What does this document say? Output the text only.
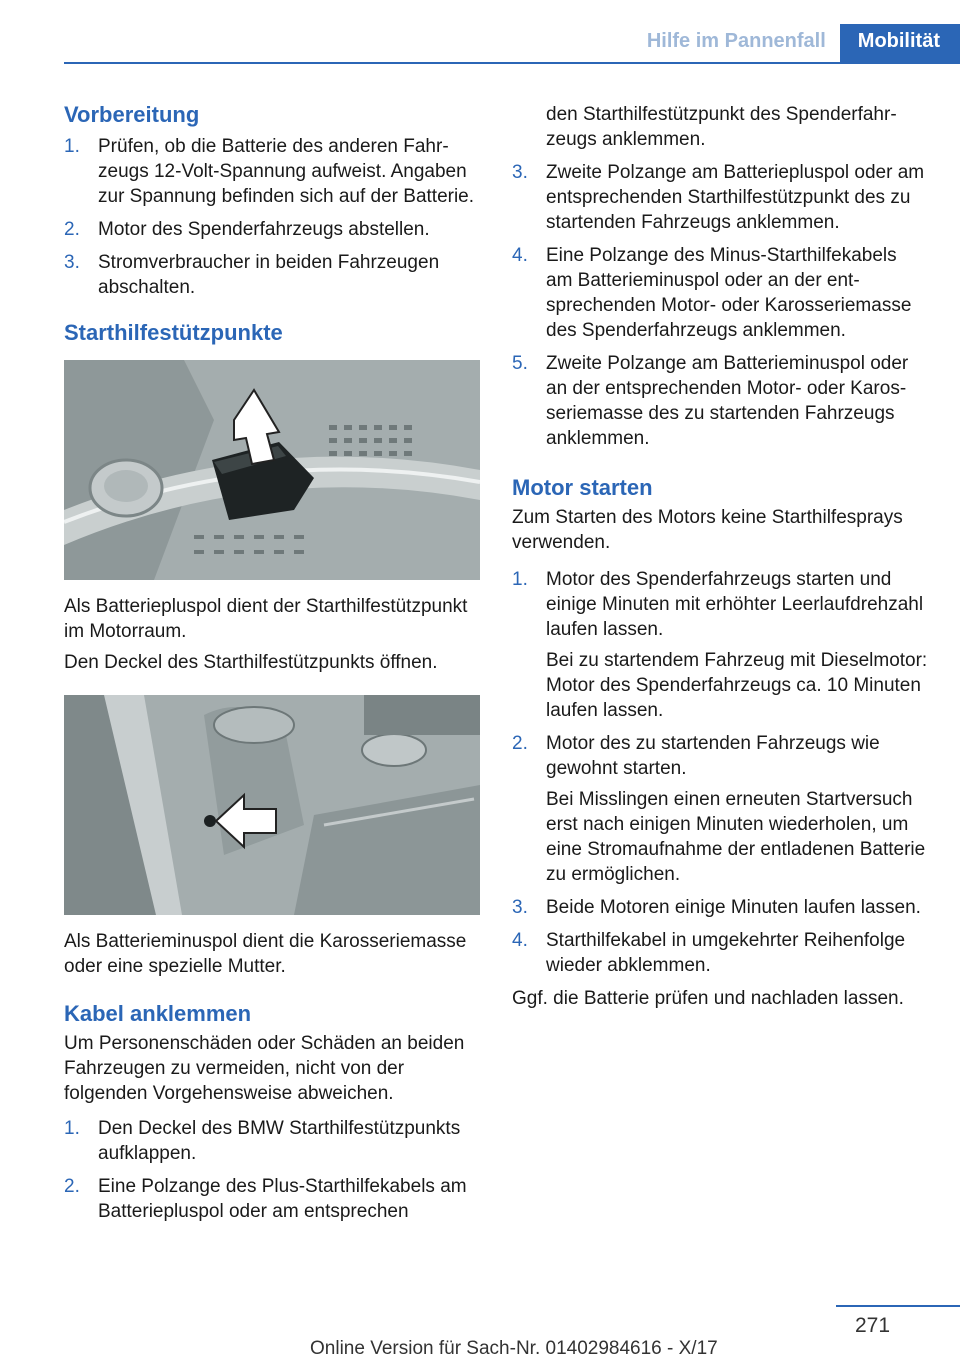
Hilfe im Pannenfall	Mobilität
Vorbereitung
1. Prüfen, ob die Batterie des anderen Fahrzeugs 12-Volt-Spannung aufweist. Angaben zur Spannung befinden sich auf der Batterie.
2. Motor des Spenderfahrzeugs abstellen.
3. Stromverbraucher in beiden Fahrzeugen abschalten.
Starthilfestützpunkte

Als Batteriepluspol dient der Starthilfestützpunkt im Motorraum.

Den Deckel des Starthilfestützpunkts öffnen.

Als Batterieminuspol dient die Karosseriemasse oder eine spezielle Mutter.

Kabel anklemmen

Um Personenschäden oder Schäden an beiden Fahrzeugen zu vermeiden, nicht von der folgenden Vorgehensweise abweichen.

1. Den Deckel des BMW Starthilfestützpunkts aufklappen.
2. Eine Polzange des Plus-Starthilfekabels am Batteriepluspol oder am entsprechen

den Starthilfestützpunkt des Spenderfahrzeugs anklemmen.

3. Zweite Polzange am Batteriepluspol oder am entsprechenden Starthilfestützpunkt des zu startenden Fahrzeugs anklemmen.
4. Eine Polzange des Minus-Starthilfekabels am Batterieminuspol oder an der entsprechenden Motor- oder Karosseriemasse des Spenderfahrzeugs anklemmen.
5. Zweite Polzange am Batterieminuspol oder an der entsprechenden Motor- oder Karosseriemasse des zu startenden Fahrzeugs anklemmen.
Motor starten

Zum Starten des Motors keine Starthilfesprays verwenden.

1. Motor des Spenderfahrzeugs starten und einige Minuten mit erhöhter Leerlaufdrehzahl laufen lassen.
Bei zu startendem Fahrzeug mit Dieselmotor: Motor des Spenderfahrzeugs ca. 10 Minuten laufen lassen.
2. Motor des zu startenden Fahrzeugs wie gewohnt starten.
Bei Misslingen einen erneuten Startversuch erst nach einigen Minuten wiederholen, um eine Stromaufnahme der entladenen Batterie zu ermöglichen.
3. Beide Motoren einige Minuten laufen lassen.
4. Starthilfekabel in umgekehrter Reihenfolge wieder abklemmen.

Ggf. die Batterie prüfen und nachladen lassen.

271
Online Version für Sach-Nr. 01402984616 - X/17
